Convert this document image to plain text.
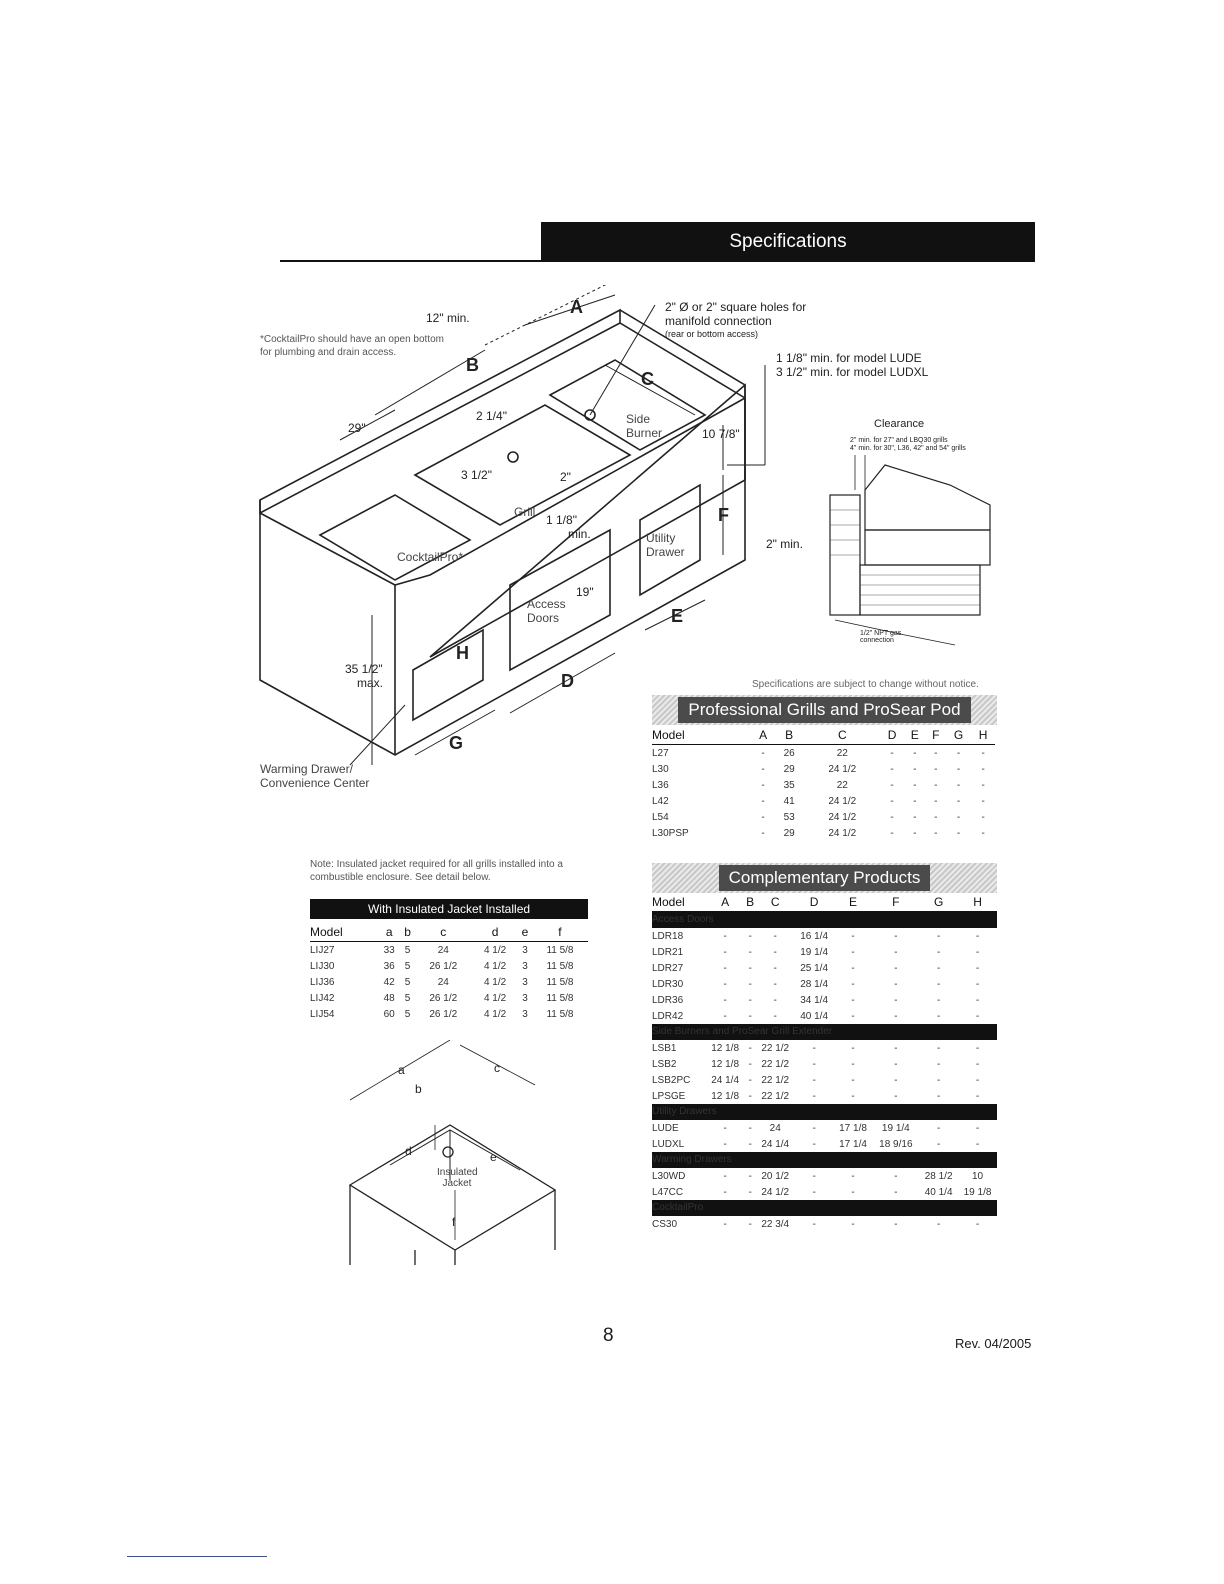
Specifications
12" min.
*CocktailPro should have an open bottom for plumbing and drain access.
2" Ø or 2" square holes for manifold connection
(rear or bottom access)
1 1/8" min. for model LUDE
3 1/2" min. for model LUDXL
A
B
C
D
E
F
G
H
29"
2 1/4"
3 1/2"	2"
10 7/8"
1 1/8"
min.
19"
2" min.
35 1/2"
max.
Side Burner
Grill
CocktailPro*
Utility Drawer
Access Doors
Warming Drawer/ Convenience Center
Clearance
2" min. for 27" and LBQ30 grills
4" min. for 30", L36, 42" and 54" grills
1/2" NPT gas connection
Specifications are subject to change without notice.
Professional Grills and ProSear Pod
Model	A	B	C	D	E	F	G	H
L27	-	26	22	-	-	-	-	-
L30	-	29	24 1/2	-	-	-	-	-
L36	-	35	22	-	-	-	-	-
L42	-	41	24 1/2	-	-	-	-	-
L54	-	53	24 1/2	-	-	-	-	-
L30PSP	-	29	24 1/2	-	-	-	-	-
Complementary Products
Model	A	B	C	D	E	F	G	H
Access Doors								
LDR18	-	-	-	16 1/4	-	-	-	-
LDR21	-	-	-	19 1/4	-	-	-	-
LDR27	-	-	-	25 1/4	-	-	-	-
LDR30	-	-	-	28 1/4	-	-	-	-
LDR36	-	-	-	34 1/4	-	-	-	-
LDR42	-	-	-	40 1/4	-	-	-	-
Side Burners and ProSear Grill Extender								
LSB1	12 1/8	-	22 1/2	-	-	-	-	-
LSB2	12 1/8	-	22 1/2	-	-	-	-	-
LSB2PC	24 1/4	-	22 1/2	-	-	-	-	-
LPSGE	12 1/8	-	22 1/2	-	-	-	-	-
Utility Drawers								
LUDE	-	-	24	-	17 1/8	19 1/4	-	-
LUDXL	-	-	24 1/4	-	17 1/4	18 9/16	-	-
Warming Drawers								
L30WD	-	-	20 1/2	-	-	-	28 1/2	10
L47CC	-	-	24 1/2	-	-	-	40 1/4	19 1/8
CocktailPro								
CS30	-	-	22 3/4	-	-	-	-	-
Note: Insulated jacket required for all grills installed into a combustible enclosure. See detail below.
With Insulated Jacket Installed
Model	a	b	c	d	e	f
LIJ27	33	5	24	4 1/2	3	11 5/8
LIJ30	36	5	26 1/2	4 1/2	3	11 5/8
LIJ36	42	5	24	4 1/2	3	11 5/8
LIJ42	48	5	26 1/2	4 1/2	3	11 5/8
LIJ54	60	5	26 1/2	4 1/2	3	11 5/8
a
b
c
d	e
f
Insulated Jacket
8	Rev. 04/2005
